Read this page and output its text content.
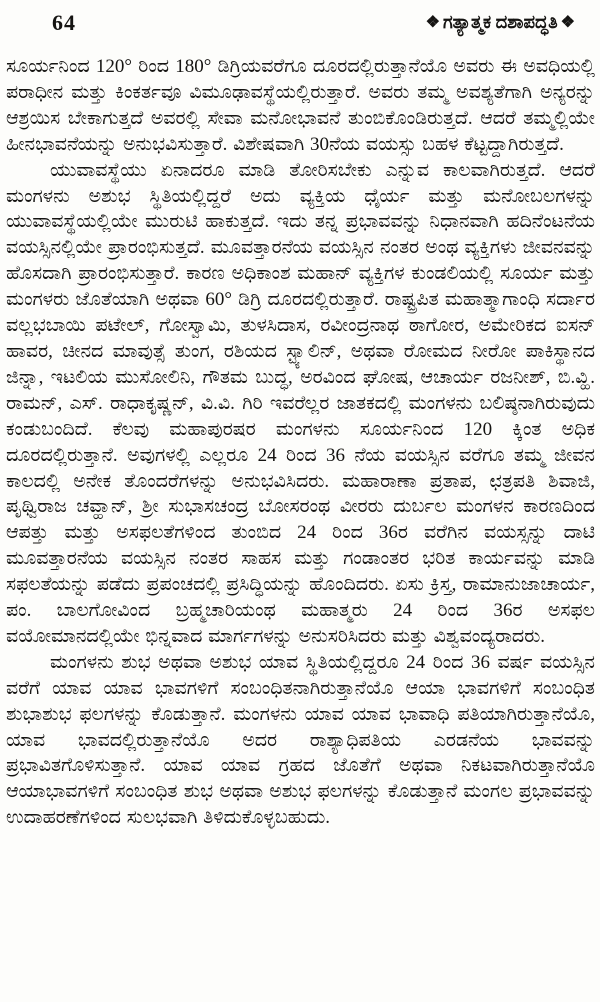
64	❖ ಗತ್ಯಾತ್ಮಕ ದಶಾಪದ್ಧತಿ ❖

ಸೂರ್ಯನಿಂದ 120° ರಿಂದ 180° ಡಿಗ್ರಿಯವರೆಗೂ ದೂರದಲ್ಲಿರುತ್ತಾನೆಯೊ ಅವರು ಈ ಅವಧಿಯಲ್ಲಿ ಪರಾಧೀನ ಮತ್ತು ಕಿಂಕರ್ತವೂ ವಿಮೂಢಾವಸ್ಥೆಯಲ್ಲಿರುತ್ತಾರೆ. ಅವರು ತಮ್ಮ ಅವಶ್ಯತೆಗಾಗಿ ಅನ್ಯರನ್ನು ಆಶ್ರಯಿಸ ಬೇಕಾಗುತ್ತದೆ ಅವರಲ್ಲಿ ಸೇವಾ ಮನೋಭಾವನೆ ತುಂಬಿಕೊಂಡಿರುತ್ತದೆ. ಆದರೆ ತಮ್ಮಲ್ಲಿಯೇ ಹೀನಭಾವನೆಯನ್ನು ಅನುಭವಿಸುತ್ತಾರೆ. ವಿಶೇಷವಾಗಿ 30ನೆಯ ವಯಸ್ಸು ಬಹಳ ಕೆಟ್ಟದ್ದಾಗಿರುತ್ತದೆ.

ಯುವಾವಸ್ಥೆಯು ಏನಾದರೂ ಮಾಡಿ ತೋರಿಸಬೇಕು ಎನ್ನುವ ಕಾಲವಾಗಿರುತ್ತದೆ. ಆದರೆ ಮಂಗಳನು ಅಶುಭ ಸ್ಥಿತಿಯಲ್ಲಿದ್ದರೆ ಅದು ವ್ಯಕ್ತಿಯ ಧೈರ್ಯ ಮತ್ತು ಮನೋಬಲಗಳನ್ನು ಯುವಾವಸ್ಥೆಯಲ್ಲಿಯೇ ಮುರುಟಿ ಹಾಕುತ್ತದೆ. ಇದು ತನ್ನ ಪ್ರಭಾವವನ್ನು ನಿಧಾನವಾಗಿ ಹದಿನೆಂಟನೆಯ ವಯಸ್ಸಿನಲ್ಲಿಯೇ ಪ್ರಾರಂಭಿಸುತ್ತದೆ. ಮೂವತ್ತಾರನೆಯ ವಯಸ್ಸಿನ ನಂತರ ಅಂಥ ವ್ಯಕ್ತಿಗಳು ಜೀವನವನ್ನು ಹೊಸದಾಗಿ ಪ್ರಾರಂಭಿಸುತ್ತಾರೆ. ಕಾರಣ ಅಧಿಕಾಂಶ ಮಹಾನ್ ವ್ಯಕ್ತಿಗಳ ಕುಂಡಲಿಯಲ್ಲಿ ಸೂರ್ಯ ಮತ್ತು ಮಂಗಳರು ಜೊತೆಯಾಗಿ ಅಥವಾ 60° ಡಿಗ್ರಿ ದೂರದಲ್ಲಿರುತ್ತಾರೆ. ರಾಷ್ಟ್ರಪಿತ ಮಹಾತ್ಮಾಗಾಂಧಿ ಸರ್ದಾರ ವಲ್ಲಭಬಾಯಿ ಪಟೇಲ್, ಗೋಸ್ವಾಮಿ, ತುಳಸಿದಾಸ, ರವೀಂದ್ರನಾಥ ಠಾಗೋರ, ಅಮೇರಿಕದ ಐಸನ್ ಹಾವರ, ಚೀನದ ಮಾವುತ್ಸೆ ತುಂಗ, ರಶಿಯದ ಸ್ಟ್ಯಾಲಿನ್, ಅಥವಾ ರೋಮದ ನೀರೋ ಪಾಕಿಸ್ಥಾನದ ಜಿನ್ನಾ, ಇಟಲಿಯ ಮುಸೋಲಿನಿ, ಗೌತಮ ಬುದ್ಧ, ಅರವಿಂದ ಘೋಷ, ಆಚಾರ್ಯ ರಜನೀಶ್, ಬಿ.ವ್ಹಿ. ರಾಮನ್, ಎಸ್. ರಾಧಾಕೃಷ್ಣನ್, ವಿ.ವಿ. ಗಿರಿ ಇವರೆಲ್ಲರ ಜಾತಕದಲ್ಲಿ ಮಂಗಳನು ಬಲಿಷ್ಠನಾಗಿರುವುದು ಕಂಡುಬಂದಿದೆ. ಕೆಲವು ಮಹಾಪುರಷರ ಮಂಗಳನು ಸೂರ್ಯನಿಂದ 120 ಕ್ಕಿಂತ ಅಧಿಕ ದೂರದಲ್ಲಿರುತ್ತಾನೆ. ಅವುಗಳಲ್ಲಿ ಎಲ್ಲರೂ 24 ರಿಂದ 36 ನೆಯ ವಯಸ್ಸಿನ ವರೆಗೂ ತಮ್ಮ ಜೀವನ ಕಾಲದಲ್ಲಿ ಅನೇಕ ತೊಂದರೆಗಳನ್ನು ಅನುಭವಿಸಿದರು. ಮಹಾರಾಣಾ ಪ್ರತಾಪ, ಛತ್ರಪತಿ ಶಿವಾಜಿ, ಪೃಥ್ವಿರಾಜ ಚವ್ಹಾನ್, ಶ್ರೀ ಸುಭಾಸಚಂದ್ರ ಬೋಸರಂಥ ವೀರರು ದುರ್ಬಲ ಮಂಗಳನ ಕಾರಣದಿಂದ ಆಪತ್ತು ಮತ್ತು ಅಸಫಲತೆಗಳಿಂದ ತುಂಬಿದ 24 ರಿಂದ 36ರ ವರೆಗಿನ ವಯಸ್ಸನ್ನು ದಾಟಿ ಮೂವತ್ತಾರನೆಯ ವಯಸ್ಸಿನ ನಂತರ ಸಾಹಸ ಮತ್ತು ಗಂಡಾಂತರ ಭರಿತ ಕಾರ್ಯವನ್ನು ಮಾಡಿ ಸಫಲತೆಯನ್ನು ಪಡೆದು ಪ್ರಪಂಚದಲ್ಲಿ ಪ್ರಸಿದ್ಧಿಯನ್ನು ಹೊಂದಿದರು. ಏಸು ಕ್ರಿಸ್ತ, ರಾಮಾನುಜಾಚಾರ್ಯ, ಪಂ. ಬಾಲಗೋವಿಂದ ಬ್ರಹ್ಮಚಾರಿಯಂಥ ಮಹಾತ್ಮರು 24 ರಿಂದ 36ರ ಅಸಫಲ ವಯೋಮಾನದಲ್ಲಿಯೇ ಭಿನ್ನವಾದ ಮಾರ್ಗಗಳನ್ನು ಅನುಸರಿಸಿದರು ಮತ್ತು ವಿಶ್ವವಂದ್ಯರಾದರು.

ಮಂಗಳನು ಶುಭ ಅಥವಾ ಅಶುಭ ಯಾವ ಸ್ಥಿತಿಯಲ್ಲಿದ್ದರೂ 24 ರಿಂದ 36 ವರ್ಷ ವಯಸ್ಸಿನ ವರೆಗೆ ಯಾವ ಯಾವ ಭಾವಗಳಿಗೆ ಸಂಬಂಧಿತನಾಗಿರುತ್ತಾನೆಯೊ ಆಯಾ ಭಾವಗಳಿಗೆ ಸಂಬಂಧಿತ ಶುಭಾಶುಭ ಫಲಗಳನ್ನು ಕೊಡುತ್ತಾನೆ. ಮಂಗಳನು ಯಾವ ಯಾವ ಭಾವಾಧಿ ಪತಿಯಾಗಿರುತ್ತಾನೆಯೊ, ಯಾವ ಭಾವದಲ್ಲಿರುತ್ತಾನೆಯೊ ಅದರ ರಾಶ್ಯಾಧಿಪತಿಯ ಎರಡನೆಯ ಭಾವವನ್ನು ಪ್ರಭಾವಿತಗೊಳಿಸುತ್ತಾನೆ. ಯಾವ ಯಾವ ಗ್ರಹದ ಜೊತೆಗೆ ಅಥವಾ ನಿಕಟವಾಗಿರುತ್ತಾನೆಯೊ ಆಯಾಭಾವಗಳಿಗೆ ಸಂಬಂಧಿತ ಶುಭ ಅಥವಾ ಅಶುಭ ಫಲಗಳನ್ನು ಕೊಡುತ್ತಾನೆ ಮಂಗಲ ಪ್ರಭಾವವನ್ನು ಉದಾಹರಣೆಗಳಿಂದ ಸುಲಭವಾಗಿ ತಿಳಿದುಕೊಳ್ಳಬಹುದು.
